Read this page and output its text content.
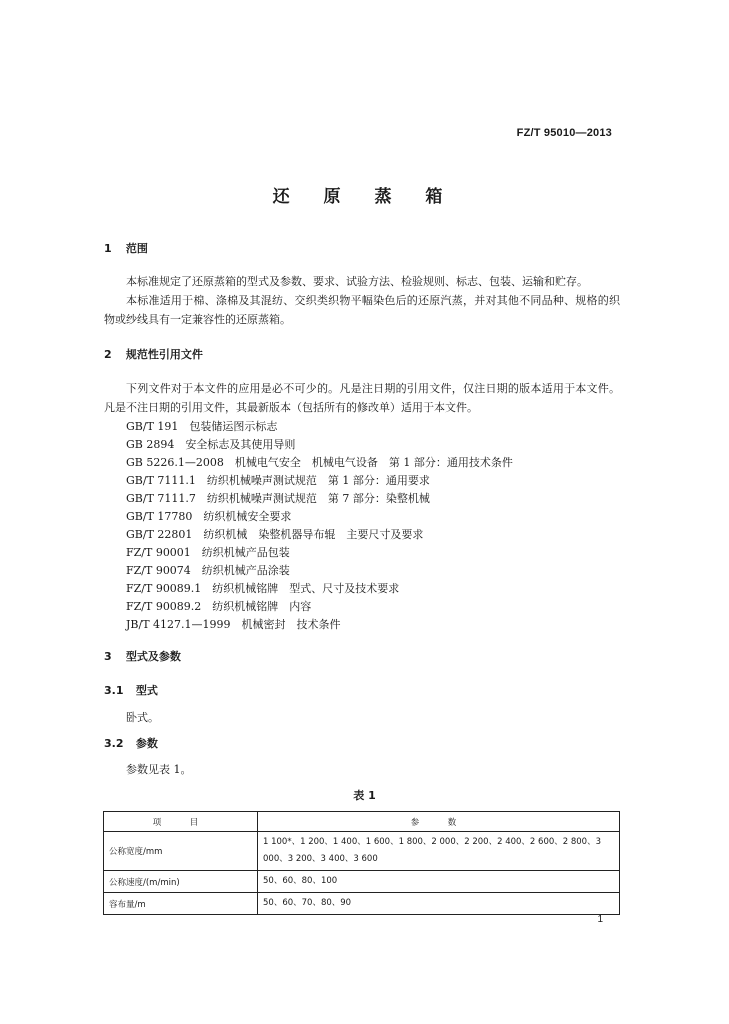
FZ/T 95010—2013
还 原 蒸 箱
1 范围
本标准规定了还原蒸箱的型式及参数、要求、试验方法、检验规则、标志、包装、运输和贮存。
本标准适用于棉、涤棉及其混纺、交织类织物平幅染色后的还原汽蒸，并对其他不同品种、规格的织物或纱线具有一定兼容性的还原蒸箱。
2 规范性引用文件
下列文件对于本文件的应用是必不可少的。凡是注日期的引用文件，仅注日期的版本适用于本文件。凡是不注日期的引用文件，其最新版本（包括所有的修改单）适用于本文件。
GB/T 191　包装储运图示标志
GB 2894　安全标志及其使用导则
GB 5226.1—2008　机械电气安全　机械电气设备　第 1 部分：通用技术条件
GB/T 7111.1　纺织机械噪声测试规范　第 1 部分：通用要求
GB/T 7111.7　纺织机械噪声测试规范　第 7 部分：染整机械
GB/T 17780　纺织机械安全要求
GB/T 22801　纺织机械　染整机器导布辊　主要尺寸及要求
FZ/T 90001　纺织机械产品包装
FZ/T 90074　纺织机械产品涂装
FZ/T 90089.1　纺织机械铭牌　型式、尺寸及技术要求
FZ/T 90089.2　纺织机械铭牌　内容
JB/T 4127.1—1999　机械密封　技术条件
3 型式及参数
3.1 型式
卧式。
3.2 参数
参数见表 1。
表 1
项　目	参　数
公称宽度/mm	1 100*、1 200、1 400、1 600、1 800、2 000、2 200、2 400、2 600、2 800、3 000、3 200、3 400、3 600
公称速度/(m/min)	50、60、80、100
容布量/m	50、60、70、80、90
1
